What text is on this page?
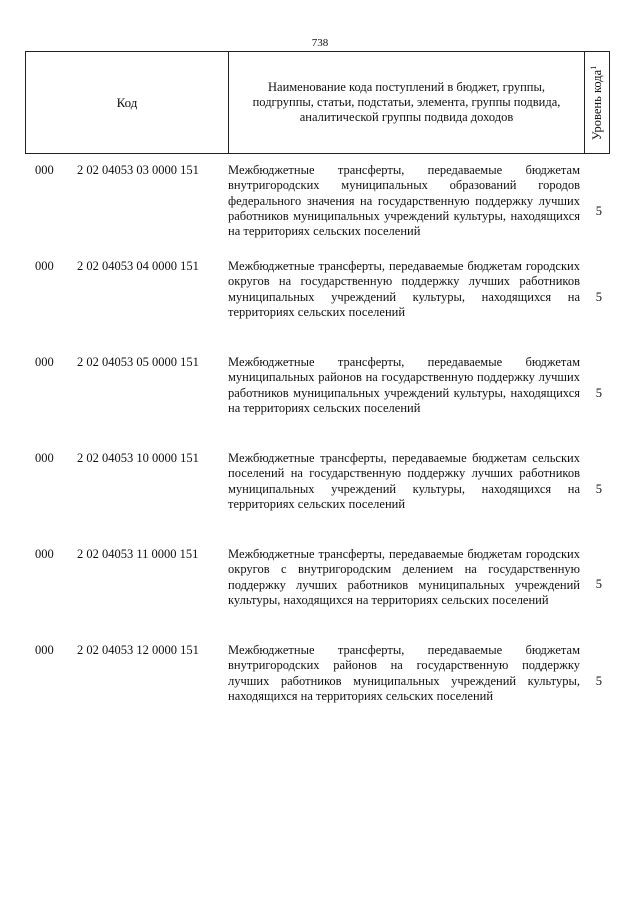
738
Код
Наименование кода поступлений в бюджет, группы, подгруппы, статьи, подстатьи, элемента, группы подвида, аналитической группы подвида доходов	Уровень кода$^1$
000 2 02 04053 03 0000 151 Межбюджетные трансферты, передаваемые бюджетам внутригородских муниципальных образований городов федерального значения на государственную поддержку лучших работников муниципальных учреждений культуры, находящихся на территориях сельских поселений
5
000 2 02 04053 04 0000 151 Межбюджетные трансферты, передаваемые бюджетам городских округов на государственную поддержку лучших работников муниципальных учреждений культуры, находящихся на территориях сельских поселений
5
000 2 02 04053 05 0000 151 Межбюджетные трансферты, передаваемые бюджетам муниципальных районов на государственную поддержку лучших работников муниципальных учреждений культуры, находящихся на территориях сельских поселений
5
000 2 02 04053 10 0000 151 Межбюджетные трансферты, передаваемые бюджетам сельских поселений на государственную поддержку лучших работников муниципальных учреждений культуры, находящихся на территориях сельских поселений
5
000 2 02 04053 11 0000 151 Межбюджетные трансферты, передаваемые бюджетам городских округов с внутригородским делением на государственную поддержку лучших работников муниципальных учреждений культуры, находящихся на территориях сельских поселений
5
000 2 02 04053 12 0000 151 Межбюджетные трансферты, передаваемые бюджетам внутригородских районов на государственную поддержку лучших работников муниципальных учреждений культуры, находящихся на территориях сельских поселений
5
